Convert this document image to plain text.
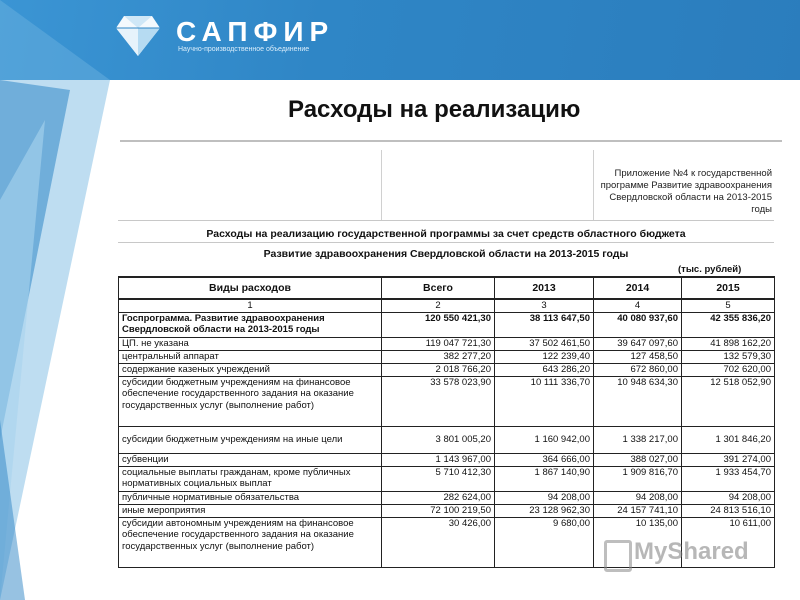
САПФИР
Научно-производственное объединение
Расходы на реализацию
Приложение №4 к государственной программе Развитие здравоохранения Свердловской области на 2013-2015 годы
Расходы на реализацию государственной программы за счет средств областного бюджета
Развитие здравоохранения Свердловской области на 2013-2015 годы
(тыс. рублей)
Виды расходов	Всего	2013	2014	2015
1	2	3	4	5
Госпрограмма. Развитие здравоохранения Свердловской области на 2013-2015 годы	120 550 421,30	38 113 647,50	40 080 937,60	42 355 836,20
ЦП. не указана	119 047 721,30	37 502 461,50	39 647 097,60	41 898 162,20
центральный аппарат	382 277,20	122 239,40	127 458,50	132 579,30
содержание казеных учреждений	2 018 766,20	643 286,20	672 860,00	702 620,00
субсидии бюджетным учреждениям на финансовое обеспечение государственного задания на оказание государственных услуг (выполнение работ)	33 578 023,90	10 111 336,70	10 948 634,30	12 518 052,90
субсидии бюджетным учреждениям на иные цели	3 801 005,20	1 160 942,00	1 338 217,00	1 301 846,20
субвенции	1 143 967,00	364 666,00	388 027,00	391 274,00
социальные выплаты гражданам, кроме публичных нормативных социальных выплат	5 710 412,30	1 867 140,90	1 909 816,70	1 933 454,70
публичные нормативные обязательства	282 624,00	94 208,00	94 208,00	94 208,00
иные мероприятия	72 100 219,50	23 128 962,30	24 157 741,10	24 813 516,10
субсидии автономным учреждениям на финансовое обеспечение государственного задания на оказание государственных услуг (выполнение работ)	30 426,00	9 680,00	10 135,00	10 611,00
MyShared
